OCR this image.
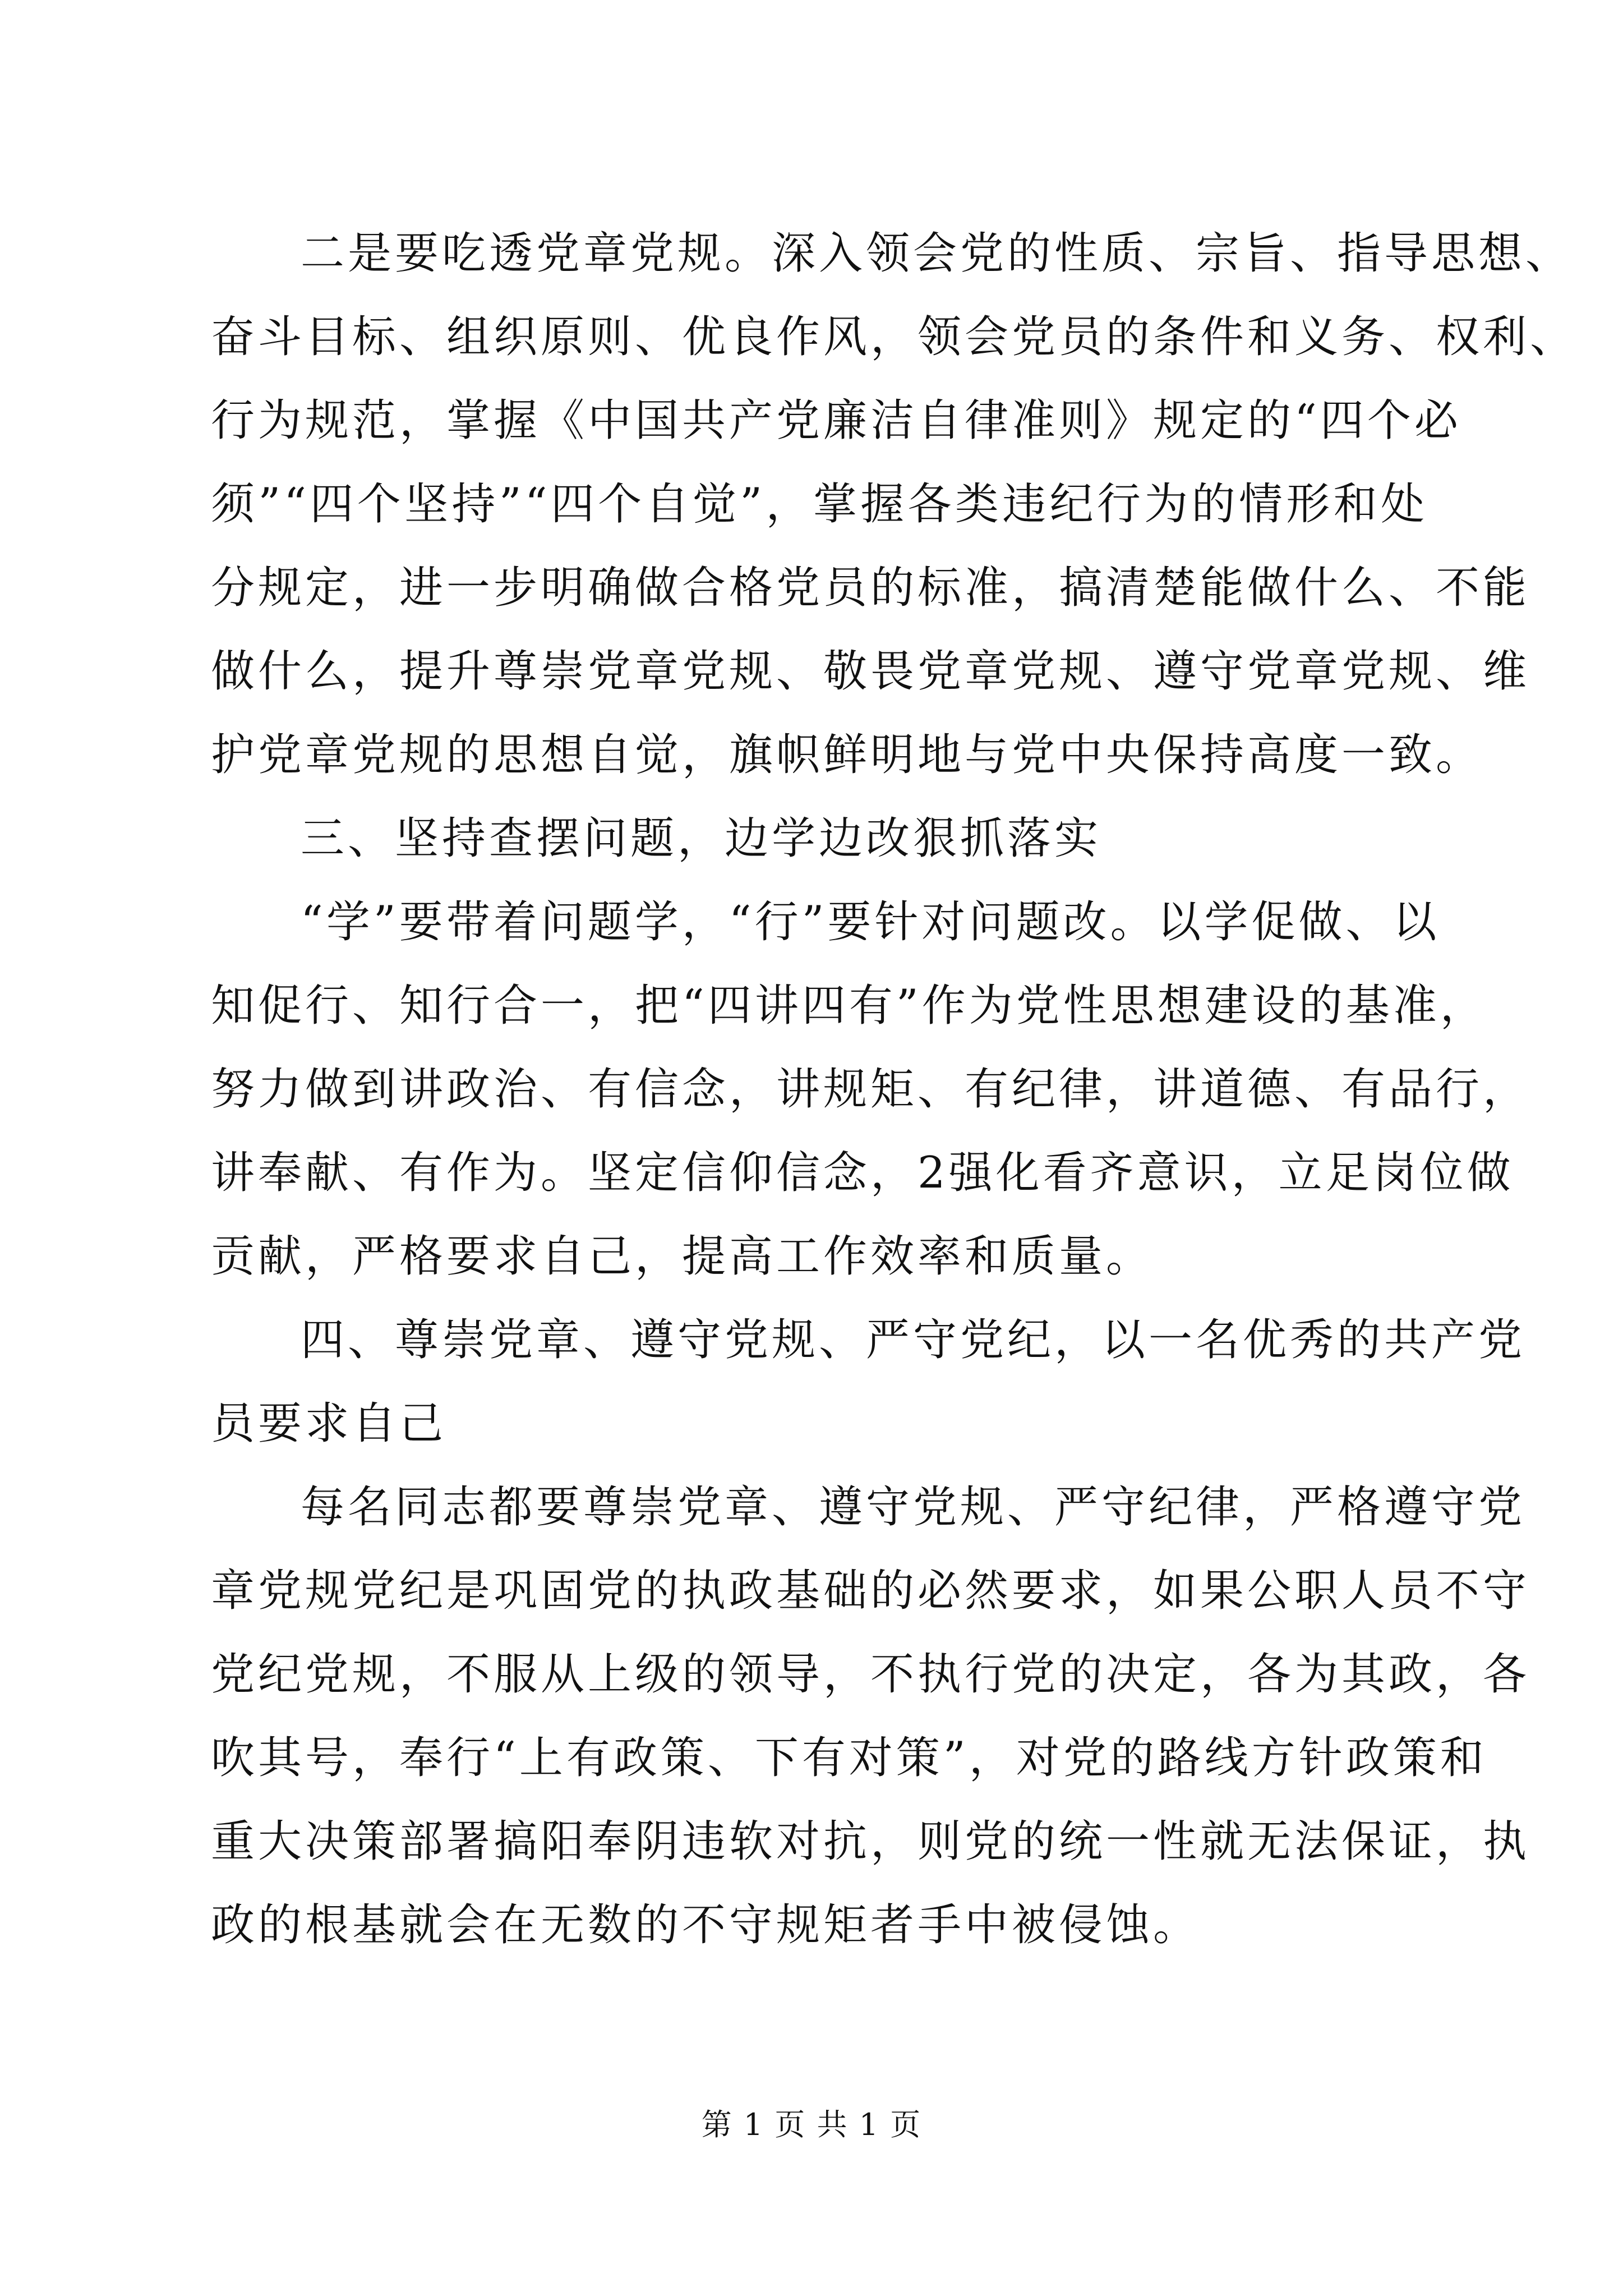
二是要吃透党章党规。深入领会党的性质、宗旨、指导思想、
奋斗目标、组织原则、优良作风，领会党员的条件和义务、权利、
行为规范，掌握《中国共产党廉洁自律准则》规定的“四个必
须”“四个坚持”“四个自觉”，掌握各类违纪行为的情形和处
分规定，进一步明确做合格党员的标准，搞清楚能做什么、不能
做什么，提升尊崇党章党规、敬畏党章党规、遵守党章党规、维
护党章党规的思想自觉，旗帜鲜明地与党中央保持高度一致。
三、坚持查摆问题，边学边改狠抓落实
“学”要带着问题学，“行”要针对问题改。以学促做、以
知促行、知行合一，把“四讲四有”作为党性思想建设的基准，
努力做到讲政治、有信念，讲规矩、有纪律，讲道德、有品行，
讲奉献、有作为。坚定信仰信念，2强化看齐意识，立足岗位做
贡献，严格要求自己，提高工作效率和质量。
四、尊崇党章、遵守党规、严守党纪，以一名优秀的共产党
员要求自己
每名同志都要尊崇党章、遵守党规、严守纪律，严格遵守党
章党规党纪是巩固党的执政基础的必然要求，如果公职人员不守
党纪党规，不服从上级的领导，不执行党的决定，各为其政，各
吹其号，奉行“上有政策、下有对策”，对党的路线方针政策和
重大决策部署搞阳奉阴违软对抗，则党的统一性就无法保证，执
政的根基就会在无数的不守规矩者手中被侵蚀。
第 1 页 共 1 页
